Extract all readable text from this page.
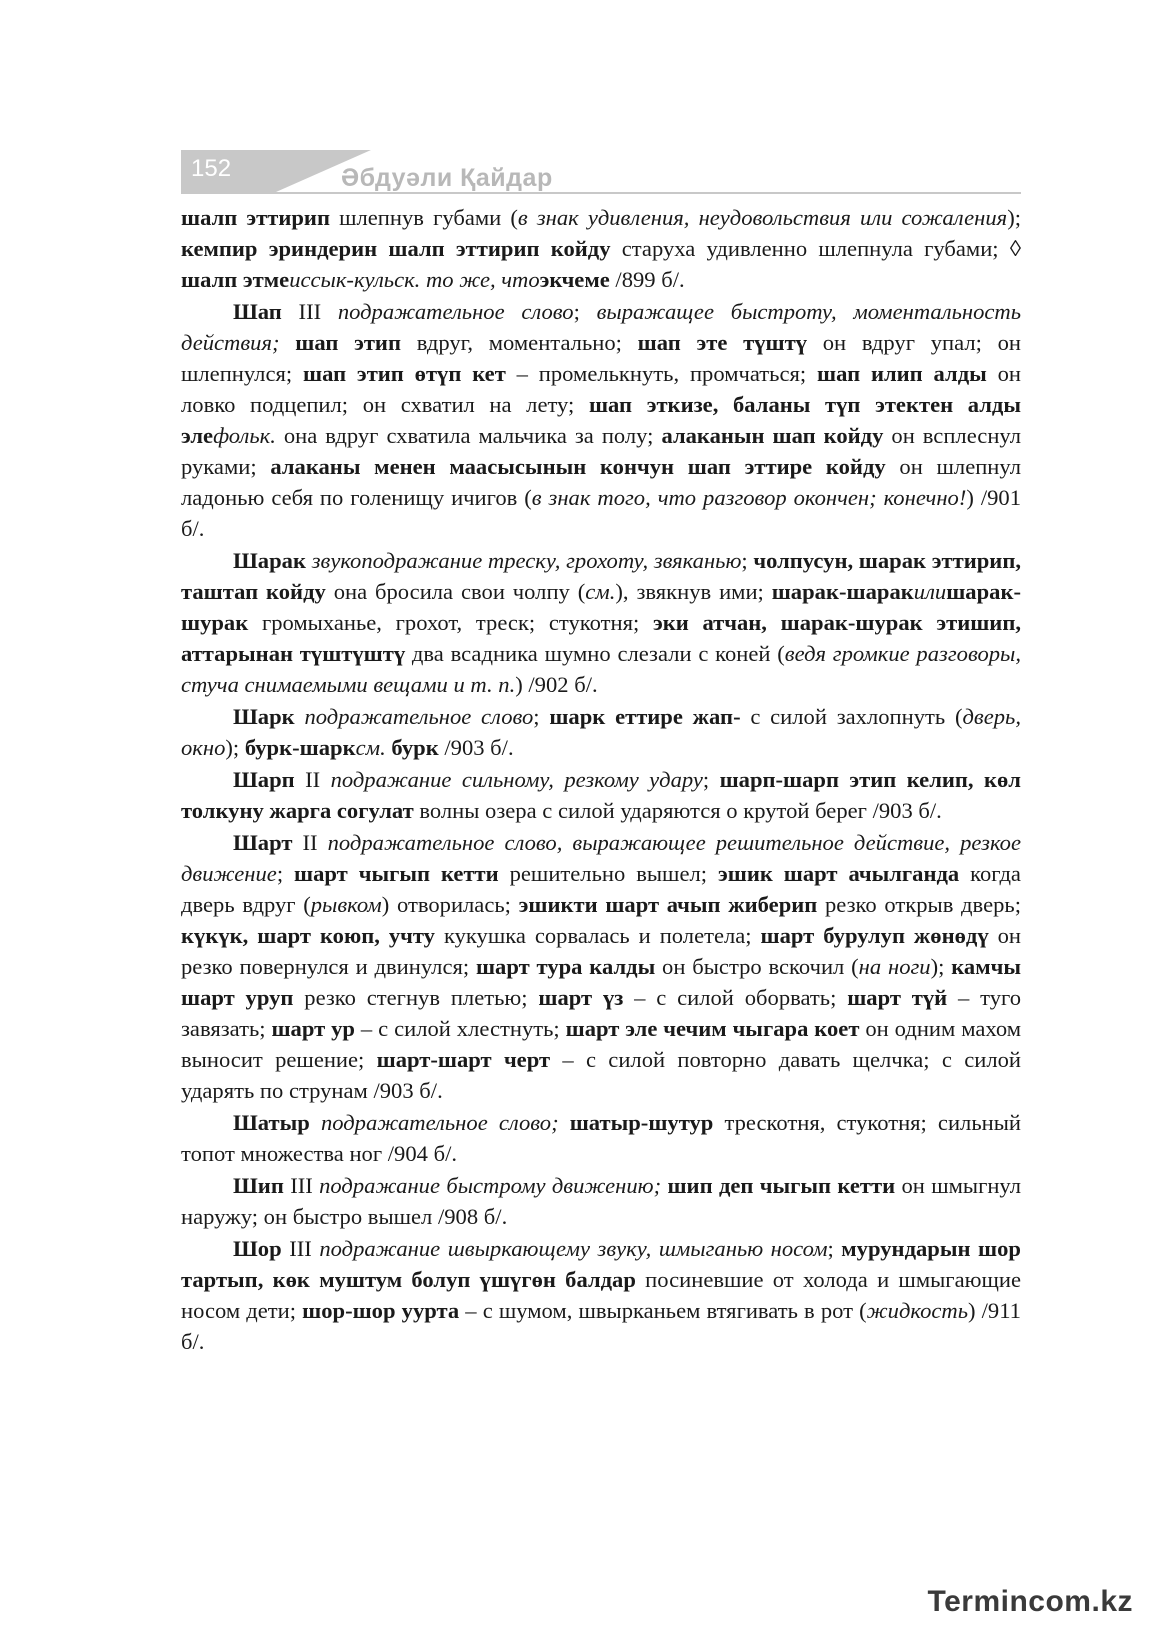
152	Әбдуәли Қайдар

шалп эттирип шлепнув губами (в знак удивления, неудовольствия или сожаления); кемпир эриндерин шалп эттирип койду старуха удивленно шлепнула губами; ◊ шалп этмеиссык-кульск. то же, чтоэкчеме /899 б/.

Шап III подражательное слово; выражащее быстроту, моментальность действия; шап этип вдруг, моментально; шап эте түштү он вдруг упал; он шлепнулся; шап этип өтүп кет – промелькнуть, промчаться; шап илип алды он ловко подцепил; он схватил на лету; шап эткизе, баланы түп этектен алды элефольк. она вдруг схватила мальчика за полу; алаканын шап койду он всплеснул руками; алаканы менен маасысынын кончун шап эттире койду он шлепнул ладонью себя по голенищу ичигов (в знак того, что разговор окончен; конечно!) /901 б/.

Шарак звукоподражание треску, грохоту, звяканью; чолпусун, шарак эттирип, таштап койду она бросила свои чолпу (см.), звякнув ими; шарак-шаракилишарак-шурак громыханье, грохот, треск; стукотня; эки атчан, шарак-шурак этишип, аттарынан түштүштү два всадника шумно слезали с коней (ведя громкие разговоры, стуча снимаемыми вещами и т. п.) /902 б/.

Шарк подражательное слово; шарк еттире жап- с силой захлопнуть (дверь, окно); бурк-шарксм. бурк /903 б/.

Шарп II подражание сильному, резкому удару; шарп-шарп этип келип, көл толкуну жарга согулат волны озера с силой ударяются о крутой берег /903 б/.

Шарт II подражательное слово, выражающее решительное действие, резкое движение; шарт чыгып кетти решительно вышел; эшик шарт ачылганда когда дверь вдруг (рывком) отворилась; эшикти шарт ачып жиберип резко открыв дверь; күкүк, шарт коюп, учту кукушка сорвалась и полетела; шарт бурулуп жөнөдү он резко повернулся и двинулся; шарт тура калды он быстро вскочил (на ноги); камчы шарт уруп резко стегнув плетью; шарт үз – с силой оборвать; шарт түй – туго завязать; шарт ур – с силой хлестнуть; шарт эле чечим чыгара коет он одним махом выносит решение; шарт-шарт черт – с силой повторно давать щелчка; с силой ударять по струнам /903 б/.

Шатыр подражательное слово; шатыр-шутур трескотня, стукотня; сильный топот множества ног /904 б/.

Шип III подражание быстрому движению; шип деп чыгып кетти он шмыгнул наружу; он быстро вышел /908 б/.

Шор III подражание швыркающему звуку, шмыганью носом; мурундарын шор тартып, көк муштум болуп үшүгөн балдар посиневшие от холода и шмыгающие носом дети; шор-шор уурта – с шумом, швырканьем втягивать в рот (жидкость) /911 б/.

Termincom.kz
